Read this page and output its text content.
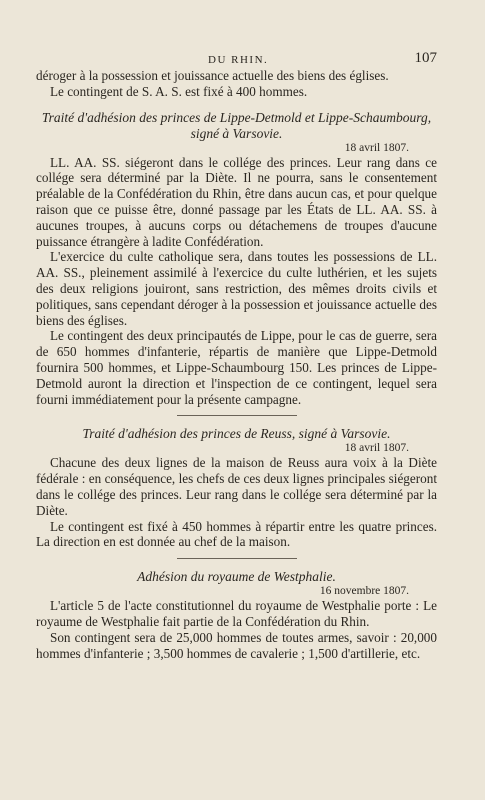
DU RHIN.	107

déroger à la possession et jouissance actuelle des biens des églises.

Le contingent de S. A. S. est fixé à 400 hommes.

Traité d'adhésion des princes de Lippe-Detmold et Lippe-Schaumbourg, signé à Varsovie.
18 avril 1807.

LL. AA. SS. siégeront dans le collége des princes. Leur rang dans ce collége sera déterminé par la Diète. Il ne pourra, sans le consentement préalable de la Confédération du Rhin, être dans aucun cas, et pour quelque raison que ce puisse être, donné passage par les États de LL. AA. SS. à aucunes troupes, à aucuns corps ou détachemens de troupes d'aucune puissance étrangère à ladite Confédération.

L'exercice du culte catholique sera, dans toutes les possessions de LL. AA. SS., pleinement assimilé à l'exercice du culte luthérien, et les sujets des deux religions jouiront, sans restriction, des mêmes droits civils et politiques, sans cependant déroger à la possession et jouissance actuelle des biens des églises.

Le contingent des deux principautés de Lippe, pour le cas de guerre, sera de 650 hommes d'infanterie, répartis de manière que Lippe-Detmold fournira 500 hommes, et Lippe-Schaumbourg 150. Les princes de Lippe-Detmold auront la direction et l'inspection de ce contingent, lequel sera fourni immédiatement pour la présente campagne.

Traité d'adhésion des princes de Reuss, signé à Varsovie.
18 avril 1807.

Chacune des deux lignes de la maison de Reuss aura voix à la Diète fédérale : en conséquence, les chefs de ces deux lignes principales siégeront dans le collége des princes. Leur rang dans le collége sera déterminé par la Diète.

Le contingent est fixé à 450 hommes à répartir entre les quatre princes. La direction en est donnée au chef de la maison.

Adhésion du royaume de Westphalie.
16 novembre 1807.

L'article 5 de l'acte constitutionnel du royaume de Westphalie porte : Le royaume de Westphalie fait partie de la Confédération du Rhin.

Son contingent sera de 25,000 hommes de toutes armes, savoir : 20,000 hommes d'infanterie ; 3,500 hommes de cavalerie ; 1,500 d'artillerie, etc.
